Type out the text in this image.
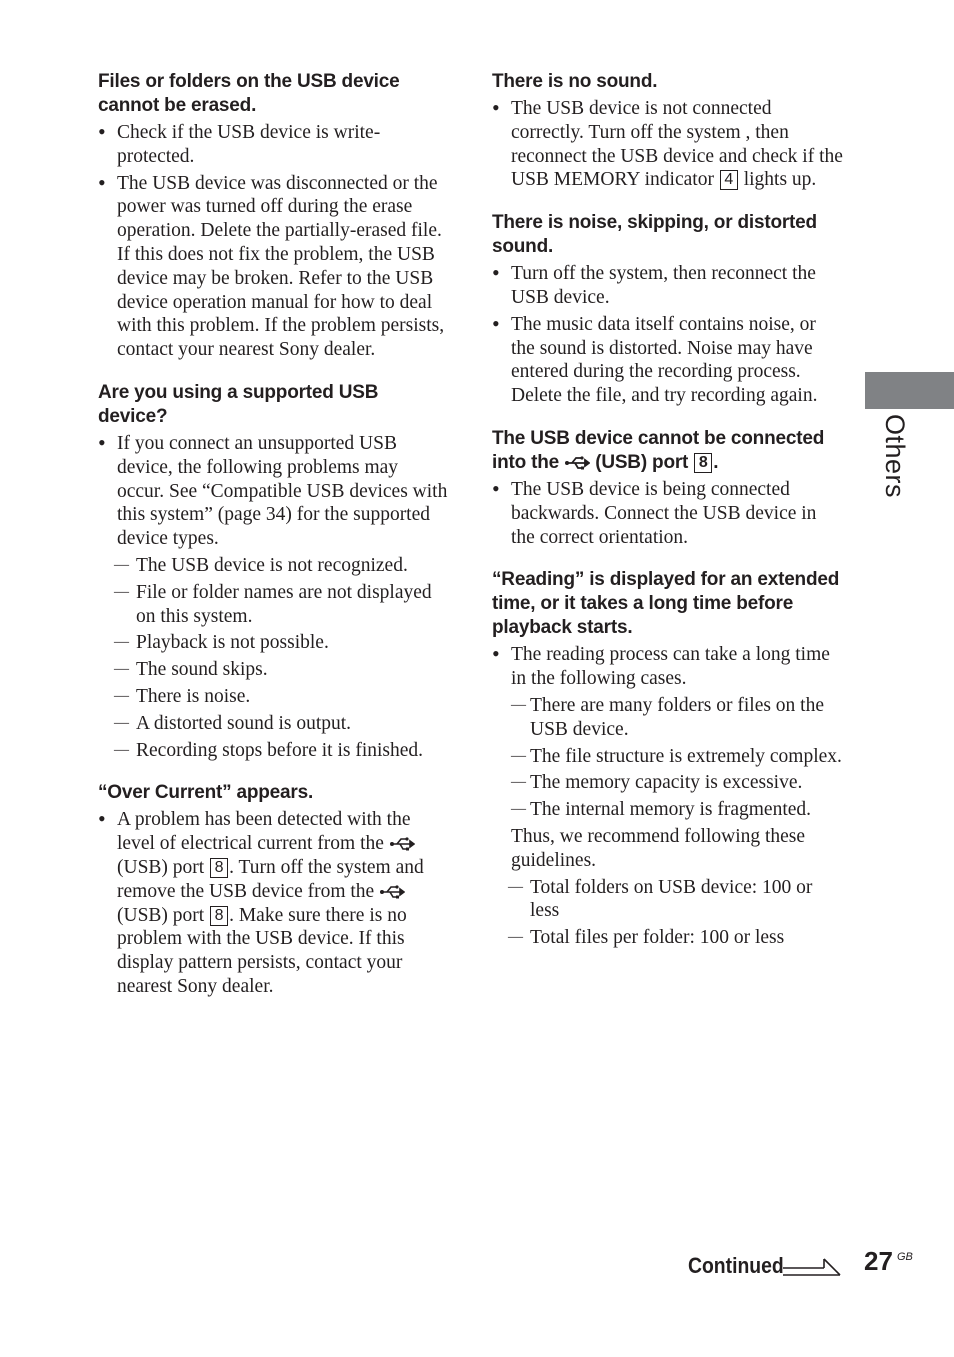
Files or folders on the USB device cannot be erased.
• Check if the USB device is write-protected.
• The USB device was disconnected or the power was turned off during the erase operation. Delete the partially-erased file. If this does not fix the problem, the USB device may be broken. Refer to the USB device operation manual for how to deal with this problem. If the problem persists, contact your nearest Sony dealer.
Are you using a supported USB device?
• If you connect an unsupported USB device, the following problems may occur. See “Compatible USB devices with this system” (page 34) for the supported device types.
— The USB device is not recognized.
— File or folder names are not displayed on this system.
— Playback is not possible.
— The sound skips.
— There is noise.
— A distorted sound is output.
— Recording stops before it is finished.
“Over Current” appears.
• A problem has been detected with the level of electrical current from the  (USB) port 8 . Turn off the system and remove the USB device from the  (USB) port 8 . Make sure there is no problem with the USB device. If this display pattern persists, contact your nearest Sony dealer.
There is no sound.
• The USB device is not connected correctly. Turn off the system , then reconnect the USB device and check if the USB MEMORY indicator 4 lights up.
There is noise, skipping, or distorted sound.
• Turn off the system, then reconnect the USB device.
• The music data itself contains noise, or the sound is distorted. Noise may have entered during the recording process. Delete the file, and try recording again.
The USB device cannot be connected into the (USB) port 8 .
• The USB device is being connected backwards. Connect the USB device in the correct orientation.
“Reading” is displayed for an extended time, or it takes a long time before playback starts.
• The reading process can take a long time in the following cases.
— There are many folders or files on the USB device.
— The file structure is extremely complex.
— The memory capacity is excessive.
— The internal memory is fragmented.
Thus, we recommend following these guidelines.
— Total folders on USB device: 100 or less
— Total files per folder: 100 or less
Others
Continued	27 GB
